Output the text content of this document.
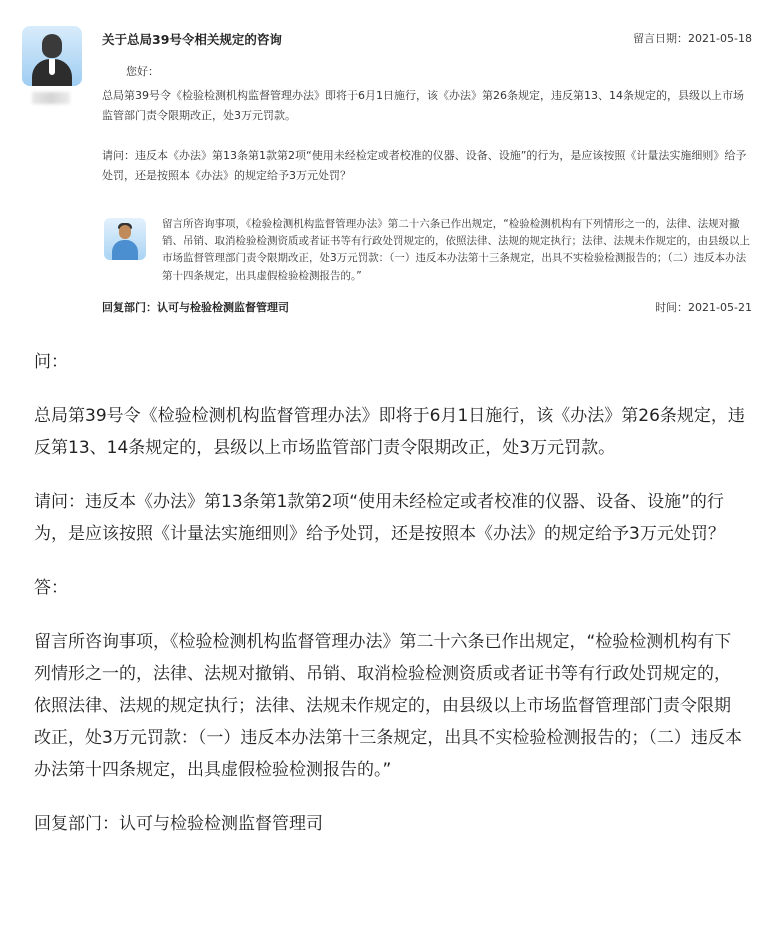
关于总局39号令相关规定的咨询	留言日期：2021-05-18

您好：

总局第39号令《检验检测机构监督管理办法》即将于6月1日施行，该《办法》第26条规定，违反第13、14条规定的，县级以上市场监管部门责令限期改正，处3万元罚款。

请问：违反本《办法》第13条第1款第2项“使用未经检定或者校准的仪器、设备、设施”的行为，是应该按照《计量法实施细则》给予处罚，还是按照本《办法》的规定给予3万元处罚？

留言所咨询事项，《检验检测机构监督管理办法》第二十六条已作出规定，“检验检测机构有下列情形之一的，法律、法规对撤销、吊销、取消检验检测资质或者证书等有行政处罚规定的，依照法律、法规的规定执行；法律、法规未作规定的，由县级以上市场监督管理部门责令限期改正，处3万元罚款：（一）违反本办法第十三条规定，出具不实检验检测报告的；（二）违反本办法第十四条规定，出具虚假检验检测报告的。”
回复部门：认可与检验检测监督管理司	时间：2021-05-21

问：

总局第39号令《检验检测机构监督管理办法》即将于6月1日施行，该《办法》第26条规定，违反第13、14条规定的，县级以上市场监管部门责令限期改正，处3万元罚款。

请问：违反本《办法》第13条第1款第2项“使用未经检定或者校准的仪器、设备、设施”的行为，是应该按照《计量法实施细则》给予处罚，还是按照本《办法》的规定给予3万元处罚？

答：

留言所咨询事项，《检验检测机构监督管理办法》第二十六条已作出规定，“检验检测机构有下列情形之一的，法律、法规对撤销、吊销、取消检验检测资质或者证书等有行政处罚规定的，依照法律、法规的规定执行；法律、法规未作规定的，由县级以上市场监督管理部门责令限期改正，处3万元罚款：（一）违反本办法第十三条规定，出具不实检验检测报告的；（二）违反本办法第十四条规定，出具虚假检验检测报告的。”

回复部门：认可与检验检测监督管理司
